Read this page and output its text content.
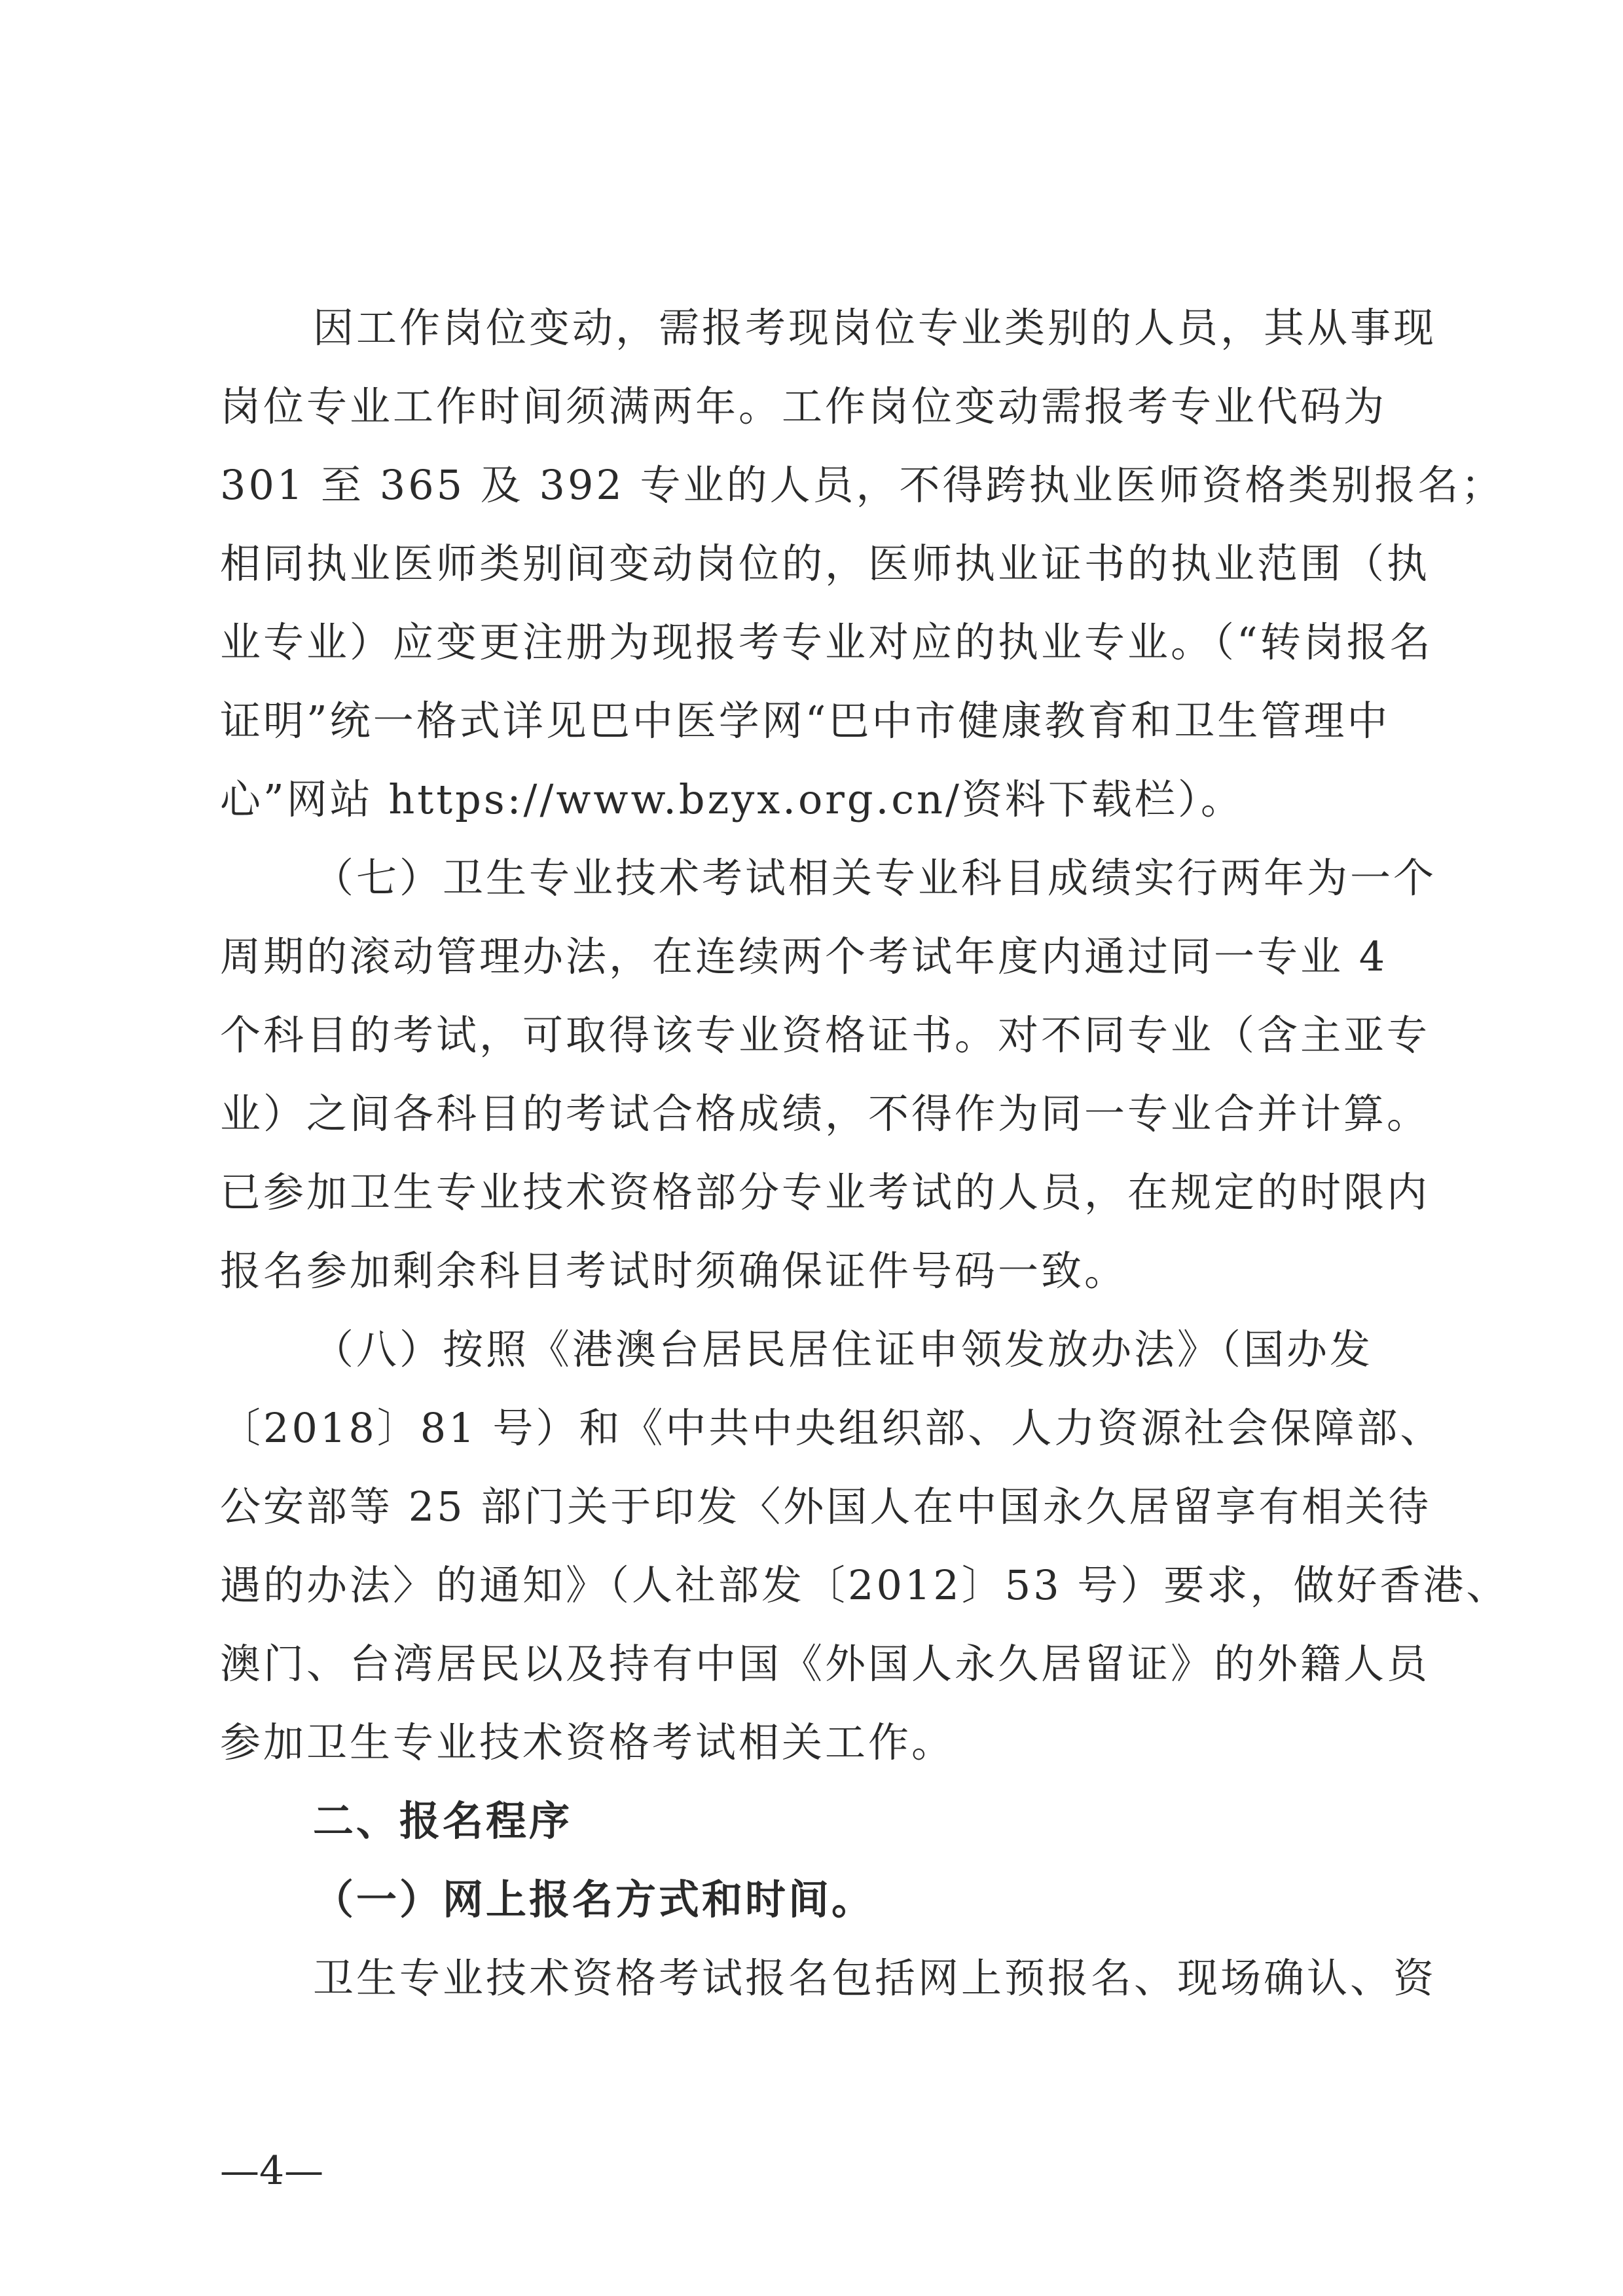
因工作岗位变动，需报考现岗位专业类别的人员，其从事现

岗位专业工作时间须满两年。工作岗位变动需报考专业代码为

301 至 365 及 392 专业的人员，不得跨执业医师资格类别报名；

相同执业医师类别间变动岗位的，医师执业证书的执业范围（执

业专业）应变更注册为现报考专业对应的执业专业。（“转岗报名

证明”统一格式详见巴中医学网“巴中市健康教育和卫生管理中

心”网站 https://www.bzyx.org.cn/资料下载栏）。

（七）卫生专业技术考试相关专业科目成绩实行两年为一个

周期的滚动管理办法，在连续两个考试年度内通过同一专业 4

个科目的考试，可取得该专业资格证书。对不同专业（含主亚专

业）之间各科目的考试合格成绩，不得作为同一专业合并计算。

已参加卫生专业技术资格部分专业考试的人员，在规定的时限内

报名参加剩余科目考试时须确保证件号码一致。

（八）按照《港澳台居民居住证申领发放办法》（国办发

〔2018〕81 号）和《中共中央组织部、人力资源社会保障部、

公安部等 25 部门关于印发〈外国人在中国永久居留享有相关待

遇的办法〉的通知》（人社部发〔2012〕53 号）要求，做好香港、

澳门、台湾居民以及持有中国《外国人永久居留证》的外籍人员

参加卫生专业技术资格考试相关工作。

二、报名程序

（一）网上报名方式和时间。

卫生专业技术资格考试报名包括网上预报名、现场确认、资

—4—
